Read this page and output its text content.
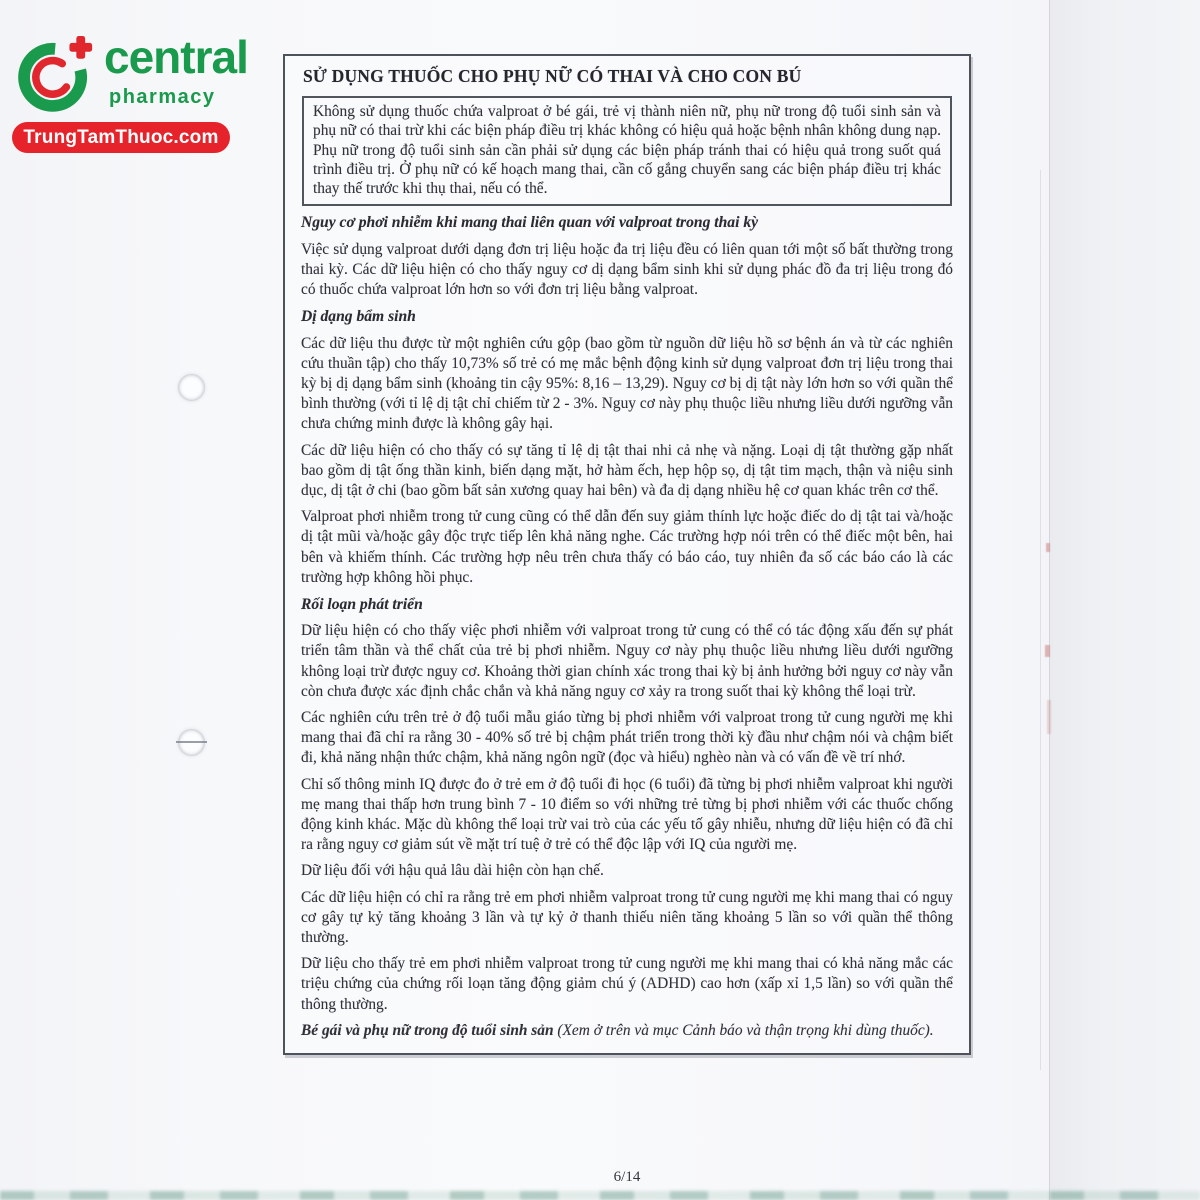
central
pharmacy
TrungTamThuoc.com
SỬ DỤNG THUỐC CHO PHỤ NỮ CÓ THAI VÀ CHO CON BÚ
Không sử dụng thuốc chứa valproat ở bé gái, trẻ vị thành niên nữ, phụ nữ trong độ tuổi sinh sản và phụ nữ có thai trừ khi các biện pháp điều trị khác không có hiệu quả hoặc bệnh nhân không dung nạp. Phụ nữ trong độ tuổi sinh sản cần phải sử dụng các biện pháp tránh thai có hiệu quả trong suốt quá trình điều trị. Ở phụ nữ có kế hoạch mang thai, cần cố gắng chuyển sang các biện pháp điều trị khác thay thế trước khi thụ thai, nếu có thể.
Nguy cơ phơi nhiễm khi mang thai liên quan với valproat trong thai kỳ

Việc sử dụng valproat dưới dạng đơn trị liệu hoặc đa trị liệu đều có liên quan tới một số bất thường trong thai kỳ. Các dữ liệu hiện có cho thấy nguy cơ dị dạng bẩm sinh khi sử dụng phác đồ đa trị liệu trong đó có thuốc chứa valproat lớn hơn so với đơn trị liệu bằng valproat.

Dị dạng bẩm sinh

Các dữ liệu thu được từ một nghiên cứu gộp (bao gồm từ nguồn dữ liệu hồ sơ bệnh án và từ các nghiên cứu thuần tập) cho thấy 10,73% số trẻ có mẹ mắc bệnh động kinh sử dụng valproat đơn trị liệu trong thai kỳ bị dị dạng bẩm sinh (khoảng tin cậy 95%: 8,16 – 13,29). Nguy cơ bị dị tật này lớn hơn so với quần thể bình thường (với tỉ lệ dị tật chỉ chiếm từ 2 - 3%. Nguy cơ này phụ thuộc liều nhưng liều dưới ngưỡng vẫn chưa chứng minh được là không gây hại.

Các dữ liệu hiện có cho thấy có sự tăng tỉ lệ dị tật thai nhi cả nhẹ và nặng. Loại dị tật thường gặp nhất bao gồm dị tật ống thần kinh, biến dạng mặt, hở hàm ếch, hẹp hộp sọ, dị tật tim mạch, thận và niệu sinh dục, dị tật ở chi (bao gồm bất sản xương quay hai bên) và đa dị dạng nhiều hệ cơ quan khác trên cơ thể.

Valproat phơi nhiễm trong tử cung cũng có thể dẫn đến suy giảm thính lực hoặc điếc do dị tật tai và/hoặc dị tật mũi và/hoặc gây độc trực tiếp lên khả năng nghe. Các trường hợp nói trên có thể điếc một bên, hai bên và khiếm thính. Các trường hợp nêu trên chưa thấy có báo cáo, tuy nhiên đa số các báo cáo là các trường hợp không hồi phục.

Rối loạn phát triển

Dữ liệu hiện có cho thấy việc phơi nhiễm với valproat trong tử cung có thể có tác động xấu đến sự phát triển tâm thần và thể chất của trẻ bị phơi nhiễm. Nguy cơ này phụ thuộc liều nhưng liều dưới ngưỡng không loại trừ được nguy cơ. Khoảng thời gian chính xác trong thai kỳ bị ảnh hưởng bởi nguy cơ này vẫn còn chưa được xác định chắc chắn và khả năng nguy cơ xảy ra trong suốt thai kỳ không thể loại trừ.

Các nghiên cứu trên trẻ ở độ tuổi mẫu giáo từng bị phơi nhiễm với valproat trong tử cung người mẹ khi mang thai đã chỉ ra rằng 30 - 40% số trẻ bị chậm phát triển trong thời kỳ đầu như chậm nói và chậm biết đi, khả năng nhận thức chậm, khả năng ngôn ngữ (đọc và hiểu) nghèo nàn và có vấn đề về trí nhớ.

Chỉ số thông minh IQ được đo ở trẻ em ở độ tuổi đi học (6 tuổi) đã từng bị phơi nhiễm valproat khi người mẹ mang thai thấp hơn trung bình 7 - 10 điểm so với những trẻ từng bị phơi nhiễm với các thuốc chống động kinh khác. Mặc dù không thể loại trừ vai trò của các yếu tố gây nhiễu, nhưng dữ liệu hiện có đã chỉ ra rằng nguy cơ giảm sút về mặt trí tuệ ở trẻ có thể độc lập với IQ của người mẹ.

Dữ liệu đối với hậu quả lâu dài hiện còn hạn chế.

Các dữ liệu hiện có chỉ ra rằng trẻ em phơi nhiễm valproat trong tử cung người mẹ khi mang thai có nguy cơ gây tự kỷ tăng khoảng 3 lần và tự kỷ ở thanh thiếu niên tăng khoảng 5 lần so với quần thể thông thường.

Dữ liệu cho thấy trẻ em phơi nhiễm valproat trong tử cung người mẹ khi mang thai có khả năng mắc các triệu chứng của chứng rối loạn tăng động giảm chú ý (ADHD) cao hơn (xấp xỉ 1,5 lần) so với quần thể thông thường.

Bé gái và phụ nữ trong độ tuổi sinh sản (Xem ở trên và mục Cảnh báo và thận trọng khi dùng thuốc).

6/14
